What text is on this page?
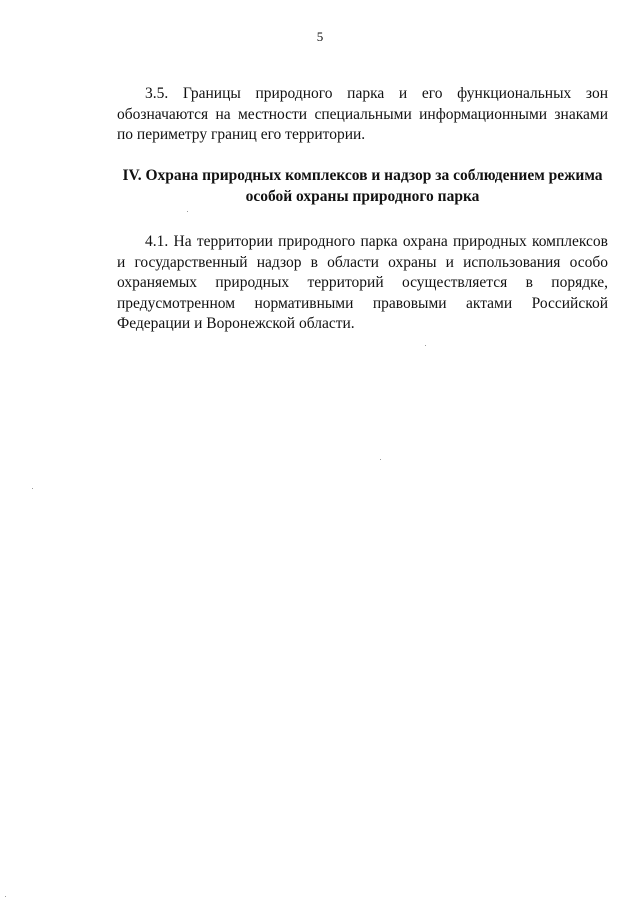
5

3.5. Границы природного парка и его функциональных зон обозначаются на местности специальными информационными знаками по периметру границ его территории.

IV. Охрана природных комплексов и надзор за соблюдением режима особой охраны природного парка

4.1. На территории природного парка охрана природных комплексов и государственный надзор в области охраны и использования особо охраняемых природных территорий осуществляется в порядке, предусмотренном нормативными правовыми актами Российской Федерации и Воронежской области.
